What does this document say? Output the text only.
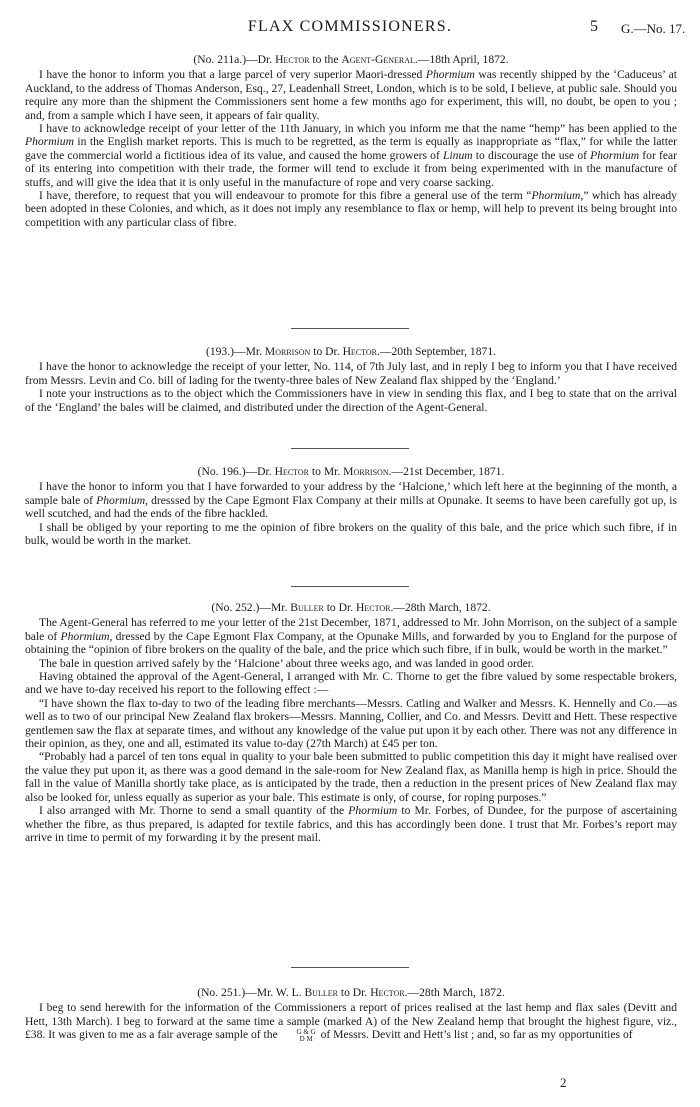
FLAX COMMISSIONERS.	5 G.—No. 17.
(No. 211a.)—Dr. Hector to the Agent-General.—18th April, 1872.

I have the honor to inform you that a large parcel of very superior Maori-dressed Phormium was recently shipped by the ‘Caduceus’ at Auckland, to the address of Thomas Anderson, Esq., 27, Leadenhall Street, London, which is to be sold, I believe, at public sale. Should you require any more than the shipment the Commissioners sent home a few months ago for experiment, this will, no doubt, be open to you ; and, from a sample which I have seen, it appears of fair quality.

I have to acknowledge receipt of your letter of the 11th January, in which you inform me that the name “hemp” has been applied to the Phormium in the English market reports. This is much to be regretted, as the term is equally as inappropriate as “flax,” for while the latter gave the commercial world a fictitious idea of its value, and caused the home growers of Linum to discourage the use of Phormium for fear of its entering into competition with their trade, the former will tend to exclude it from being experimented with in the manufacture of stuffs, and will give the idea that it is only useful in the manufacture of rope and very coarse sacking.

I have, therefore, to request that you will endeavour to promote for this fibre a general use of the term “Phormium,” which has already been adopted in these Colonies, and which, as it does not imply any resemblance to flax or hemp, will help to prevent its being brought into competition with any particular class of fibre.

(193.)—Mr. Morrison to Dr. Hector.—20th September, 1871.

I have the honor to acknowledge the receipt of your letter, No. 114, of 7th July last, and in reply I beg to inform you that I have received from Messrs. Levin and Co. bill of lading for the twenty-three bales of New Zealand flax shipped by the ‘England.’

I note your instructions as to the object which the Commissioners have in view in sending this flax, and I beg to state that on the arrival of the ‘England’ the bales will be claimed, and distributed under the direction of the Agent-General.

(No. 196.)—Dr. Hector to Mr. Morrison.—21st December, 1871.

I have the honor to inform you that I have forwarded to your address by the ‘Halcione,’ which left here at the beginning of the month, a sample bale of Phormium, dresssed by the Cape Egmont Flax Company at their mills at Opunake. It seems to have been carefully got up, is well scutched, and had the ends of the fibre hackled.

I shall be obliged by your reporting to me the opinion of fibre brokers on the quality of this bale, and the price which such fibre, if in bulk, would be worth in the market.

(No. 252.)—Mr. Buller to Dr. Hector.—28th March, 1872.

The Agent-General has referred to me your letter of the 21st December, 1871, addressed to Mr. John Morrison, on the subject of a sample bale of Phormium, dressed by the Cape Egmont Flax Company, at the Opunake Mills, and forwarded by you to England for the purpose of obtaining the “opinion of fibre brokers on the quality of the bale, and the price which such fibre, if in bulk, would be worth in the market.”

The bale in question arrived safely by the ‘Halcione’ about three weeks ago, and was landed in good order.

Having obtained the approval of the Agent-General, I arranged with Mr. C. Thorne to get the fibre valued by some respectable brokers, and we have to-day received his report to the following effect :—

“I have shown the flax to-day to two of the leading fibre merchants—Messrs. Catling and Walker and Messrs. K. Hennelly and Co.—as well as to two of our principal New Zealand flax brokers—Messrs. Manning, Collier, and Co. and Messrs. Devitt and Hett. These respective gentlemen saw the flax at separate times, and without any knowledge of the value put upon it by each other. There was not any difference in their opinion, as they, one and all, estimated its value to-day (27th March) at £45 per ton.

“Probably had a parcel of ten tons equal in quality to your bale been submitted to public competition this day it might have realised over the value they put upon it, as there was a good demand in the sale-room for New Zealand flax, as Manilla hemp is high in price. Should the fall in the value of Manilla shortly take place, as is anticipated by the trade, then a reduction in the present prices of New Zealand flax may also be looked for, unless equally as superior as your bale. This estimate is only, of course, for roping purposes.”

I also arranged with Mr. Thorne to send a small quantity of the Phormium to Mr. Forbes, of Dundee, for the purpose of ascertaining whether the fibre, as thus prepared, is adapted for textile fabrics, and this has accordingly been done. I trust that Mr. Forbes’s report may arrive in time to permit of my forwarding it by the present mail.

(No. 251.)—Mr. W. L. Buller to Dr. Hector.—28th March, 1872.

I beg to send herewith for the information of the Commissioners a report of prices realised at the last hemp and flax sales (Devitt and Hett, 13th March). I beg to forward at the same time a sample (marked A) of the New Zealand hemp that brought the highest figure, viz., £38. It was given to me as a fair average sample of the	G & G
D M of Messrs. Devitt and Hett’s list ; and, so far as my opportunities of

2
